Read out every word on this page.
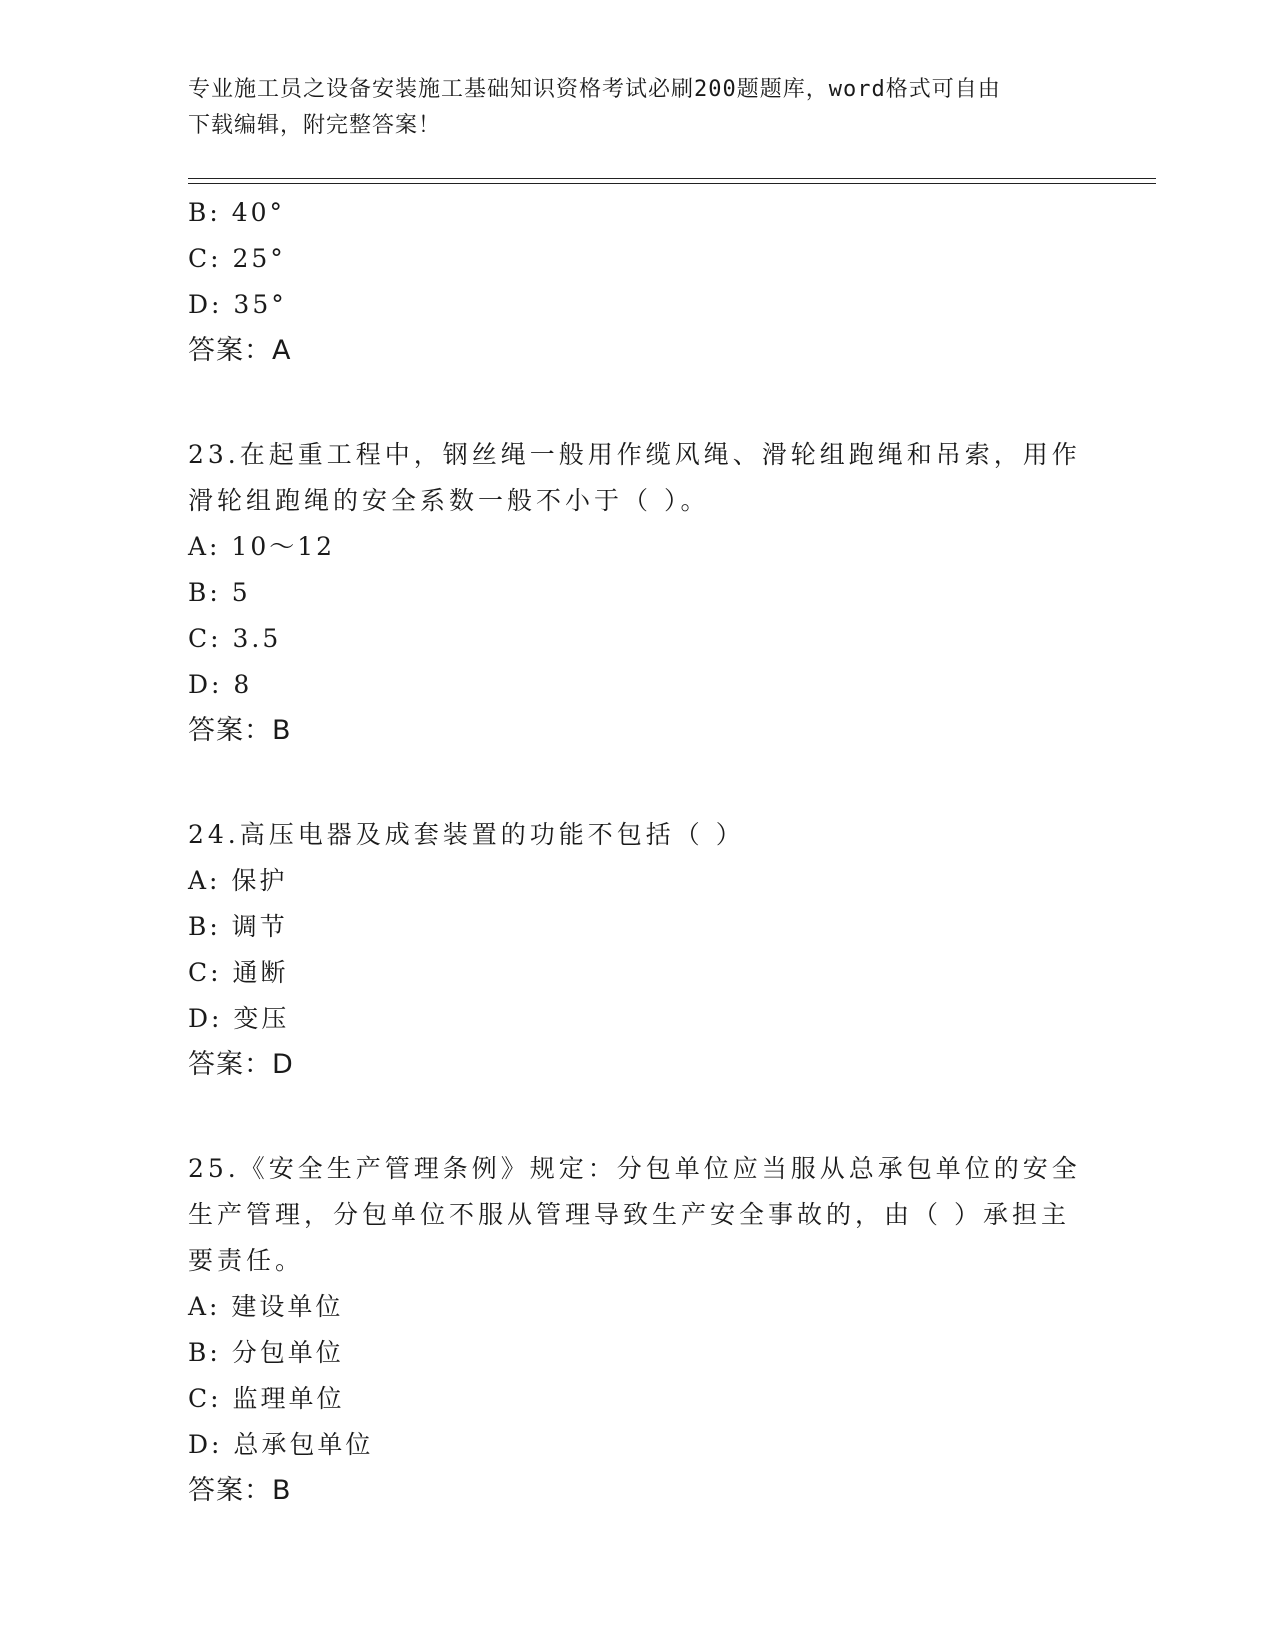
专业施工员之设备安装施工基础知识资格考试必刷200题题库，word格式可自由
下载编辑，附完整答案！
B: 40°
C: 25°
D: 35°
答案：A
23.在起重工程中，钢丝绳一般用作缆风绳、滑轮组跑绳和吊索，用作
滑轮组跑绳的安全系数一般不小于（ ）。
A: 10～12
B: 5
C: 3.5
D: 8
答案：B
24.高压电器及成套装置的功能不包括（ ）
A: 保护
B: 调节
C: 通断
D: 变压
答案：D
25.《安全生产管理条例》规定：分包单位应当服从总承包单位的安全
生产管理，分包单位不服从管理导致生产安全事故的，由（ ）承担主
要责任。
A: 建设单位
B: 分包单位
C: 监理单位
D: 总承包单位
答案：B
